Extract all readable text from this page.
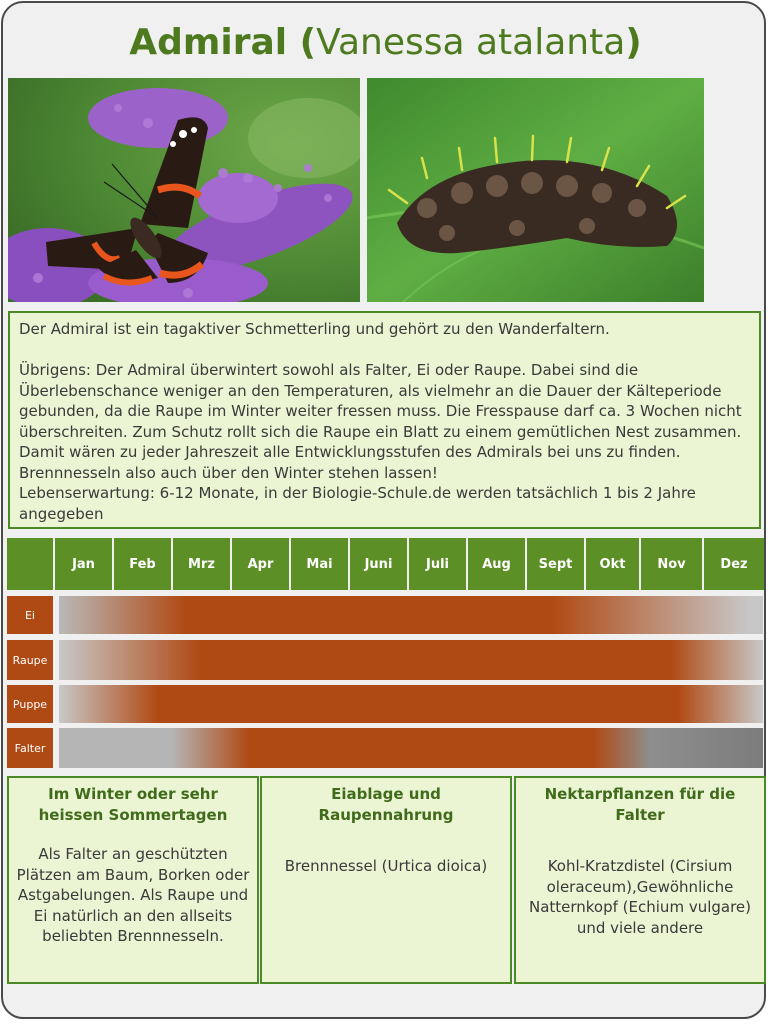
Admiral (Vanessa atalanta)

Der Admiral ist ein tagaktiver Schmetterling und gehört zu den Wanderfaltern.

Übrigens: Der Admiral überwintert sowohl als Falter, Ei oder Raupe. Dabei sind die Überlebenschance weniger an den Temperaturen, als vielmehr an die Dauer der Kälteperiode gebunden, da die Raupe im Winter weiter fressen muss. Die Fresspause darf ca. 3 Wochen nicht überschreiten. Zum Schutz rollt sich die Raupe ein Blatt zu einem gemütlichen Nest zusammen. Damit wären zu jeder Jahreszeit alle Entwicklungsstufen des Admirals bei uns zu finden. Brennnesseln also auch über den Winter stehen lassen!

Lebenserwartung: 6-12 Monate, in der Biologie-Schule.de werden tatsächlich 1 bis 2 Jahre angegeben

Jan	Feb	Mrz	Apr	Mai	Juni	Juli	Aug	Sept	Okt	Nov	Dez
Ei
Raupe
Puppe
Falter
Im Winter oder sehr heissen Sommertagen
Als Falter an geschützten Plätzen am Baum, Borken oder Astgabelungen. Als Raupe und Ei natürlich an den allseits beliebten Brennnesseln.
Eiablage und Raupennahrung
Brennnessel (Urtica dioica)
Nektarpflanzen für die Falter
Kohl-Kratzdistel (Cirsium oleraceum),Gewöhnliche Natternkopf (Echium vulgare) und viele andere
